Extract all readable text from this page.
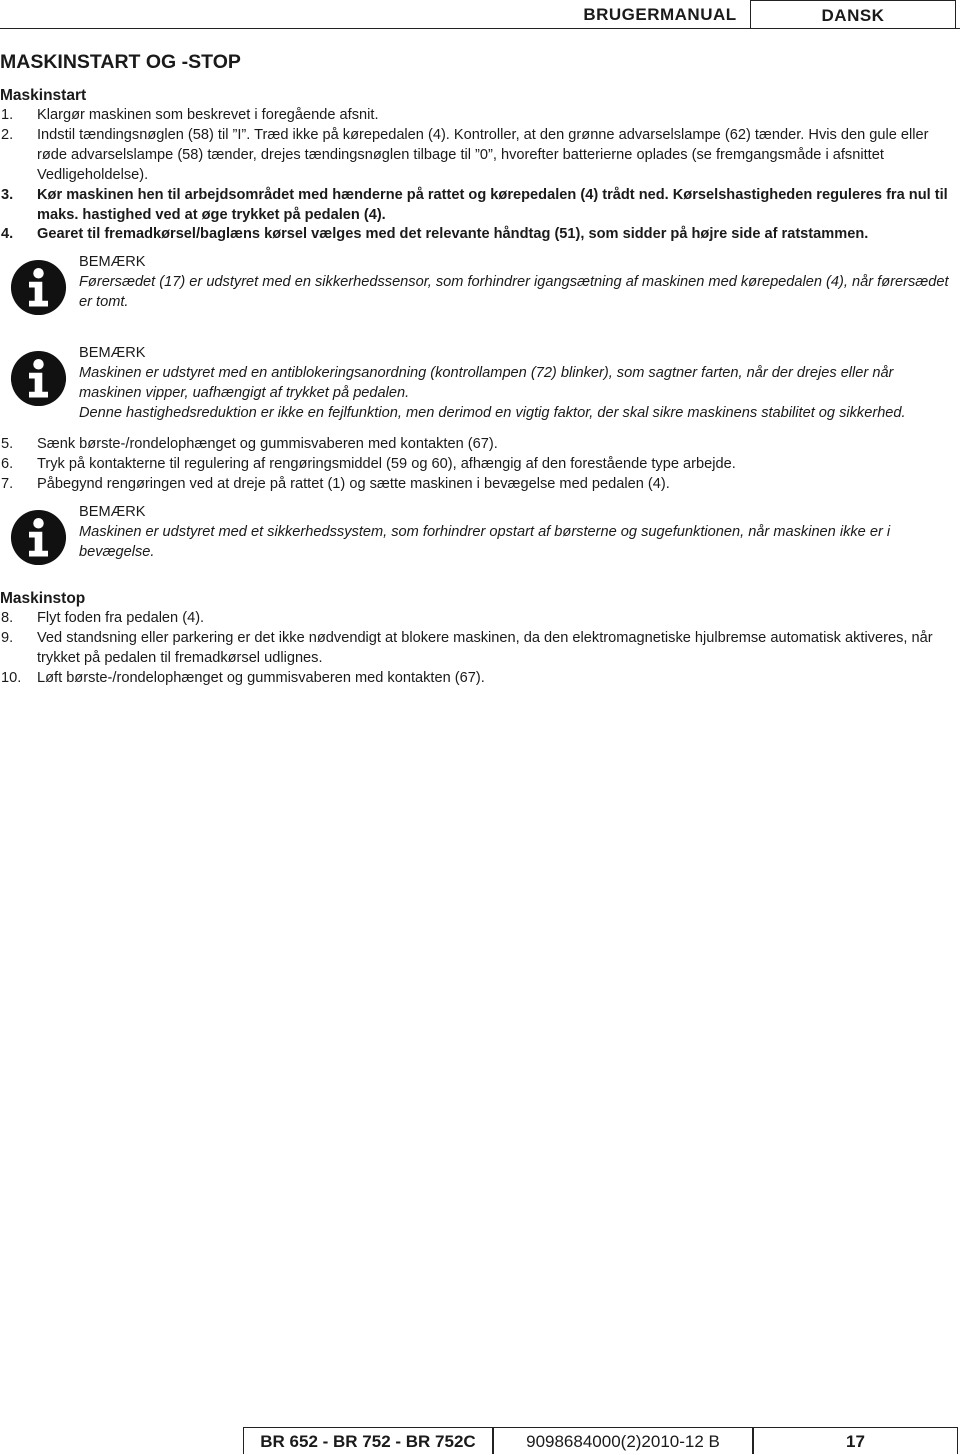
BRUGERMANUAL	DANSK
MASKINSTART OG -STOP
Maskinstart
1. Klargør maskinen som beskrevet i foregående afsnit.
2. Indstil tændingsnøglen (58) til ”I”. Træd ikke på kørepedalen (4). Kontroller, at den grønne advarselslampe (62) tænder. Hvis den gule eller røde advarselslampe (58) tænder, drejes tændingsnøglen tilbage til ”0”, hvorefter batterierne oplades (se fremgangsmåde i afsnittet Vedligeholdelse).
3. Kør maskinen hen til arbejdsområdet med hænderne på rattet og kørepedalen (4) trådt ned. Kørselshastigheden reguleres fra nul til maks. hastighed ved at øge trykket på pedalen (4).
4. Gearet til fremadkørsel/baglæns kørsel vælges med det relevante håndtag (51), som sidder på højre side af ratstammen.
BEMÆRK
Førersædet (17) er udstyret med en sikkerhedssensor, som forhindrer igangsætning af maskinen med kørepedalen (4), når førersædet er tomt.
BEMÆRK
Maskinen er udstyret med en antiblokeringsanordning (kontrollampen (72) blinker), som sagtner farten, når der drejes eller når maskinen vipper, uafhængigt af trykket på pedalen.
Denne hastighedsreduktion er ikke en fejlfunktion, men derimod en vigtig faktor, der skal sikre maskinens stabilitet og sikkerhed.
5. Sænk børste-/rondelophænget og gummisvaberen med kontakten (67).
6. Tryk på kontakterne til regulering af rengøringsmiddel (59 og 60), afhængig af den forestående type arbejde.
7. Påbegynd rengøringen ved at dreje på rattet (1) og sætte maskinen i bevægelse med pedalen (4).
BEMÆRK
Maskinen er udstyret med et sikkerhedssystem, som forhindrer opstart af børsterne og sugefunktionen, når maskinen ikke er i bevægelse.
Maskinstop
8. Flyt foden fra pedalen (4).
9. Ved standsning eller parkering er det ikke nødvendigt at blokere maskinen, da den elektromagnetiske hjulbremse automatisk aktiveres, når trykket på pedalen til fremadkørsel udlignes.
10. Løft børste-/rondelophænget og gummisvaberen med kontakten (67).
BR 652 - BR 752 - BR 752C	9098684000(2)2010-12 B	17
